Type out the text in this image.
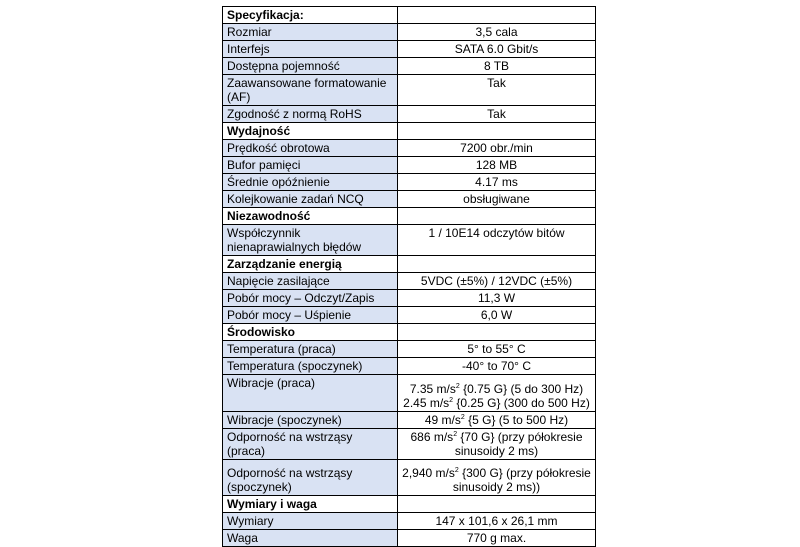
Specyfikacja:	
Rozmiar	3,5 cala
Interfejs	SATA 6.0 Gbit/s
Dostępna pojemność	8 TB
Zaawansowane formatowanie (AF)	Tak
Zgodność z normą RoHS	Tak
Wydajność	
Prędkość obrotowa	7200 obr./min
Bufor pamięci	128 MB
Średnie opóźnienie	4.17 ms
Kolejkowanie zadań NCQ	obsługiwane
Niezawodność	
Współczynnik nienaprawialnych błędów	1 / 10E14 odczytów bitów
Zarządzanie energią	
Napięcie zasilające	5VDC (±5%) / 12VDC (±5%)
Pobór mocy – Odczyt/Zapis	11,3 W
Pobór mocy – Uśpienie	6,0 W
Środowisko	
Temperatura (praca)	5° to 55° C
Temperatura (spoczynek)	-40° to 70° C
Wibracje (praca)	7.35 $m/s^2$ {0.75 G} (5 do 300 Hz)
2.45 $m/s^2$ {0.25 G} (300 do 500 Hz)
Wibracje (spoczynek)	49 $m/s^2$ {5 G} (5 to 500 Hz)
Odporność na wstrząsy (praca)	686 $m/s^2$ {70 G} (przy półokresie sinusoidy 2 ms)
Odporność na wstrząsy (spoczynek)	2,940 $m/s^2$ {300 G} (przy półokresie sinusoidy 2 ms))
Wymiary i waga	
Wymiary	147 x 101,6 x 26,1 mm
Waga	770 g max.
